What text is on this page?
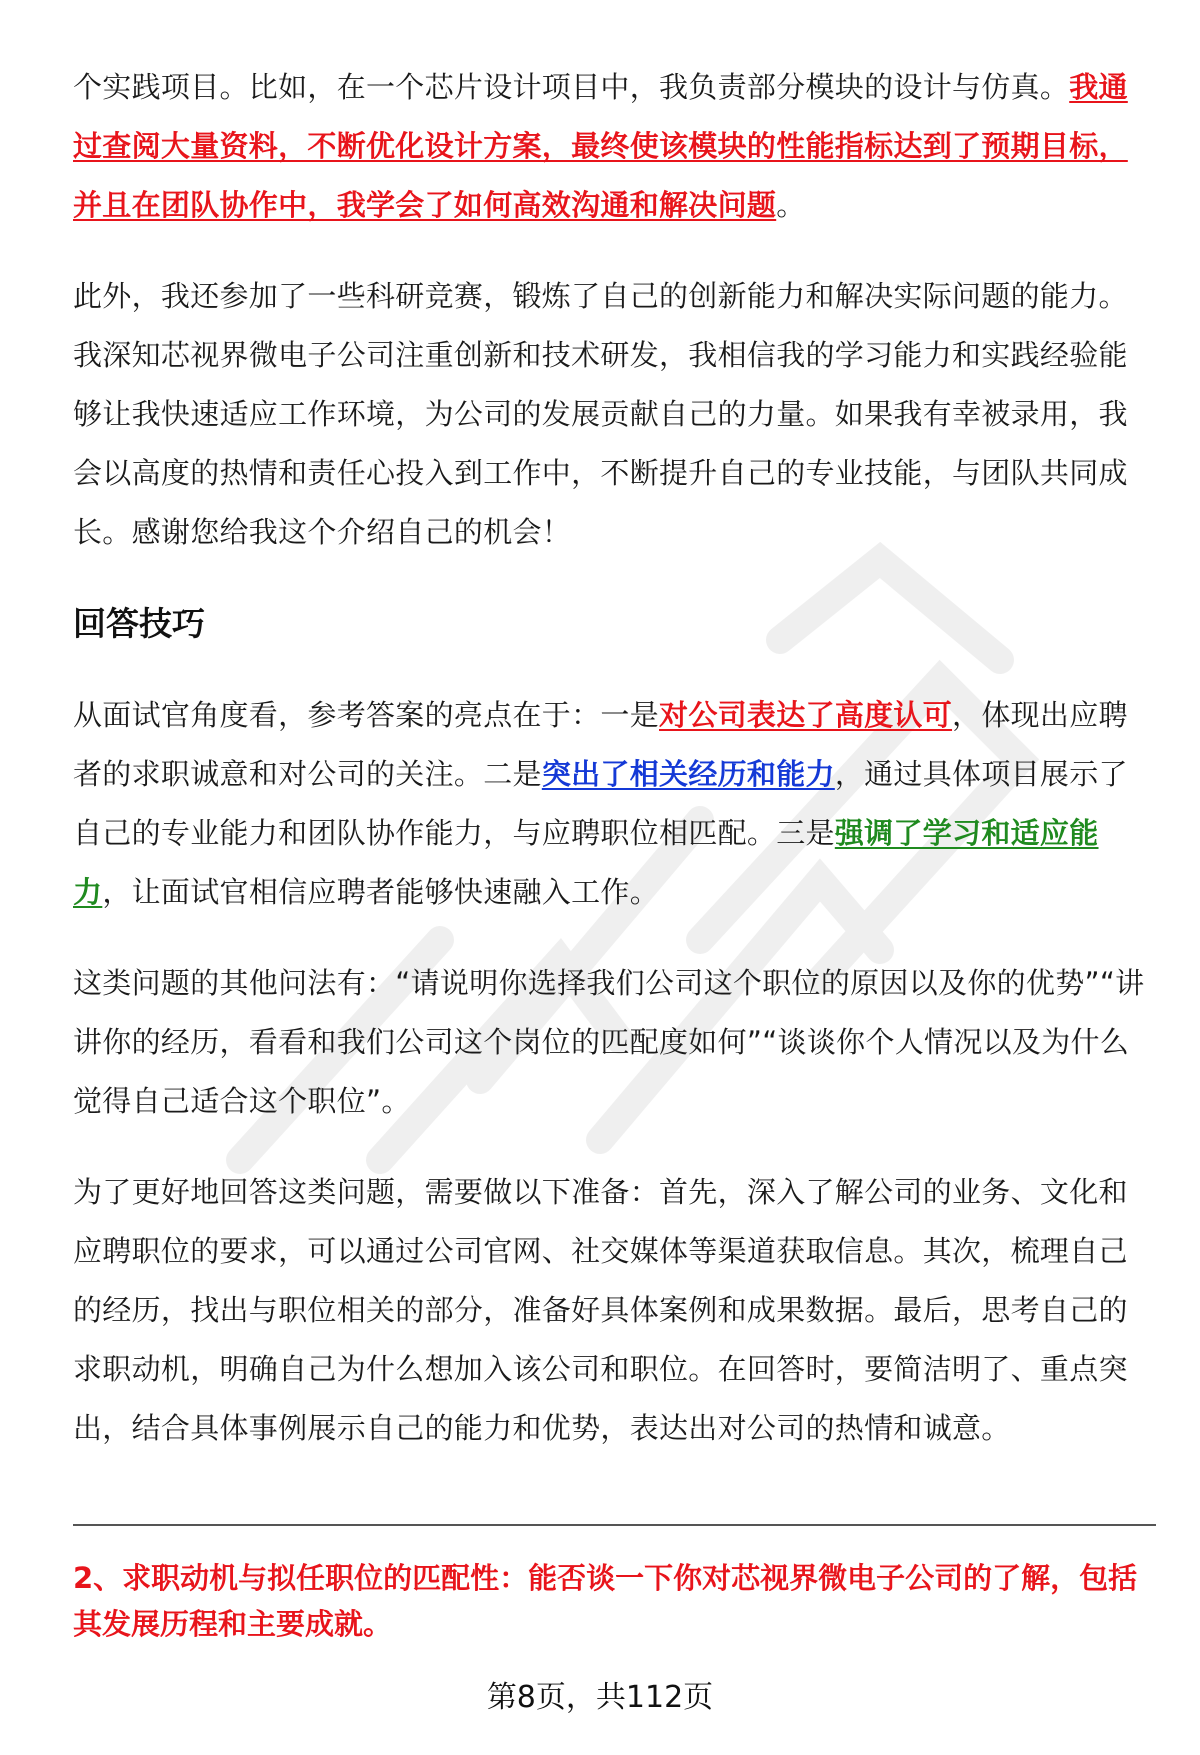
个实践项目。比如，在一个芯片设计项目中，我负责部分模块的设计与仿真。我通过查阅大量资料，不断优化设计方案，最终使该模块的性能指标达到了预期目标，并且在团队协作中，我学会了如何高效沟通和解决问题。

此外，我还参加了一些科研竞赛，锻炼了自己的创新能力和解决实际问题的能力。我深知芯视界微电子公司注重创新和技术研发，我相信我的学习能力和实践经验能够让我快速适应工作环境，为公司的发展贡献自己的力量。如果我有幸被录用，我会以高度的热情和责任心投入到工作中，不断提升自己的专业技能，与团队共同成长。感谢您给我这个介绍自己的机会！

回答技巧

从面试官角度看，参考答案的亮点在于：一是对公司表达了高度认可，体现出应聘者的求职诚意和对公司的关注。二是突出了相关经历和能力，通过具体项目展示了自己的专业能力和团队协作能力，与应聘职位相匹配。三是强调了学习和适应能力，让面试官相信应聘者能够快速融入工作。

这类问题的其他问法有：“请说明你选择我们公司这个职位的原因以及你的优势”“讲讲你的经历，看看和我们公司这个岗位的匹配度如何”“谈谈你个人情况以及为什么觉得自己适合这个职位”。

为了更好地回答这类问题，需要做以下准备：首先，深入了解公司的业务、文化和应聘职位的要求，可以通过公司官网、社交媒体等渠道获取信息。其次，梳理自己的经历，找出与职位相关的部分，准备好具体案例和成果数据。最后，思考自己的求职动机，明确自己为什么想加入该公司和职位。在回答时，要简洁明了、重点突出，结合具体事例展示自己的能力和优势，表达出对公司的热情和诚意。

2、求职动机与拟任职位的匹配性：能否谈一下你对芯视界微电子公司的了解，包括其发展历程和主要成就。

第8页，共112页
